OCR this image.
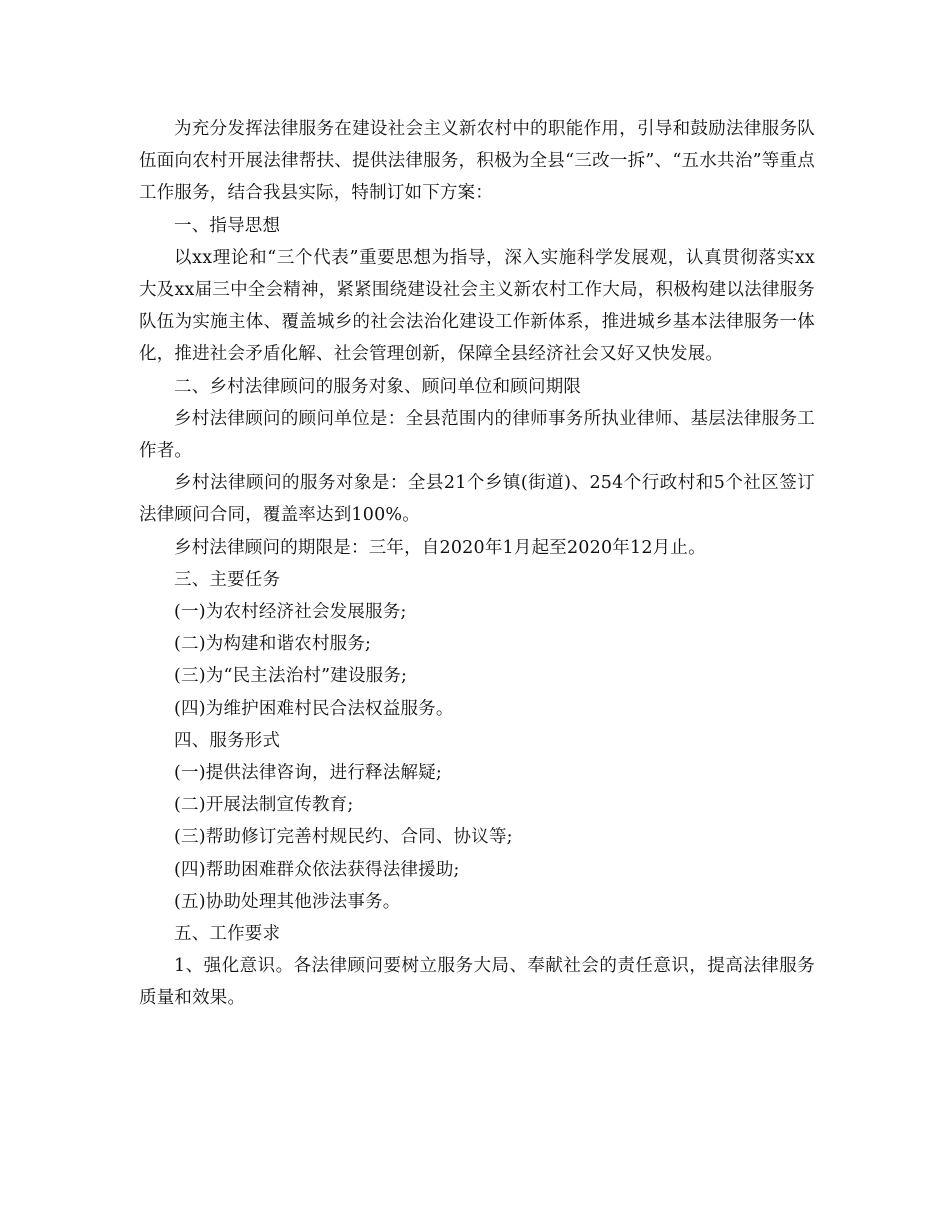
为充分发挥法律服务在建设社会主义新农村中的职能作用，引导和鼓励法律服务队伍面向农村开展法律帮扶、提供法律服务，积极为全县“三改一拆”、“五水共治”等重点工作服务，结合我县实际，特制订如下方案：

一、指导思想

以xx理论和“三个代表”重要思想为指导，深入实施科学发展观，认真贯彻落实xx大及xx届三中全会精神，紧紧围绕建设社会主义新农村工作大局，积极构建以法律服务队伍为实施主体、覆盖城乡的社会法治化建设工作新体系，推进城乡基本法律服务一体化，推进社会矛盾化解、社会管理创新，保障全县经济社会又好又快发展。

二、乡村法律顾问的服务对象、顾问单位和顾问期限

乡村法律顾问的顾问单位是：全县范围内的律师事务所执业律师、基层法律服务工作者。

乡村法律顾问的服务对象是：全县21个乡镇(街道)、254个行政村和5个社区签订法律顾问合同，覆盖率达到100%。

乡村法律顾问的期限是：三年，自2020年1月起至2020年12月止。

三、主要任务

(一)为农村经济社会发展服务;

(二)为构建和谐农村服务;

(三)为“民主法治村”建设服务;

(四)为维护困难村民合法权益服务。

四、服务形式

(一)提供法律咨询，进行释法解疑;

(二)开展法制宣传教育;

(三)帮助修订完善村规民约、合同、协议等;

(四)帮助困难群众依法获得法律援助;

(五)协助处理其他涉法事务。

五、工作要求

1、强化意识。各法律顾问要树立服务大局、奉献社会的责任意识，提高法律服务质量和效果。
